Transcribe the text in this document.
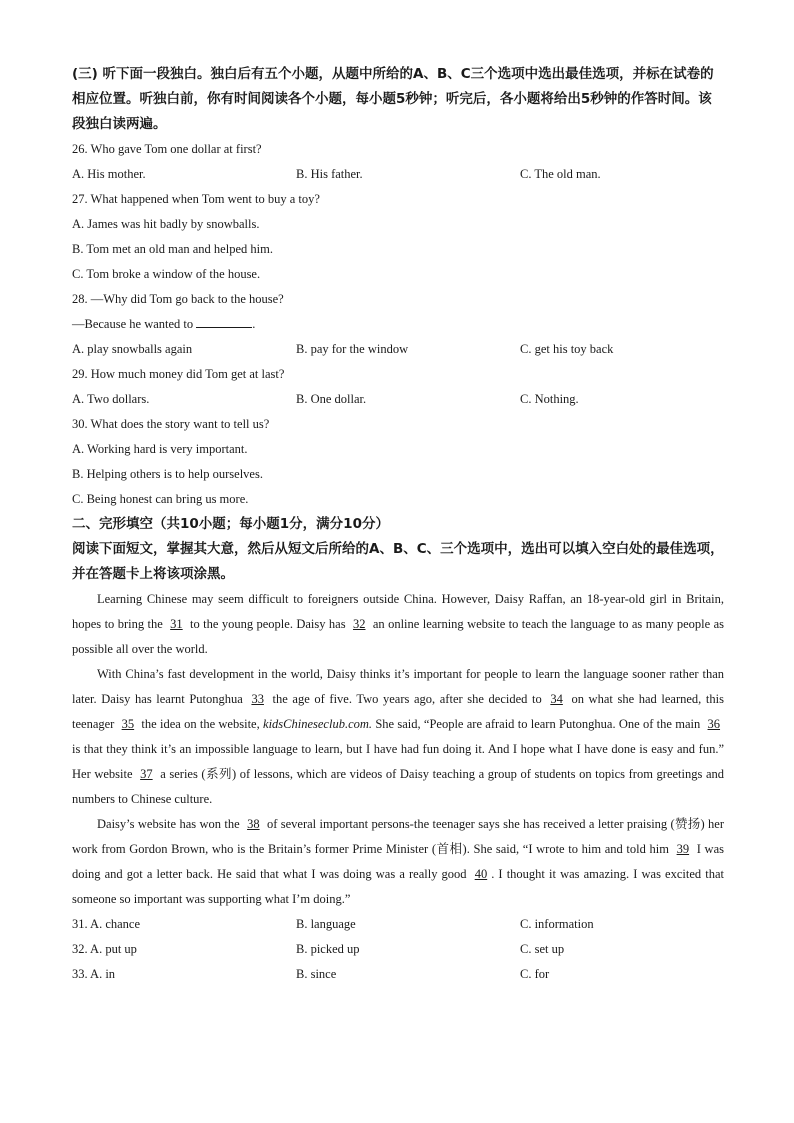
(三) 听下面一段独白。独白后有五个小题，从题中所给的A、B、C三个选项中选出最佳选项，并标在试卷的相应位置。听独白前，你有时间阅读各个小题，每小题5秒钟；听完后，各小题将给出5秒钟的作答时间。该段独白读两遍。
26. Who gave Tom one dollar at first?
A. His mother.	B. His father.	C. The old man.
27. What happened when Tom went to buy a toy?
A. James was hit badly by snowballs.
B. Tom met an old man and helped him.
C. Tom broke a window of the house.
28. —Why did Tom go back to the house?
—Because he wanted to	.
A. play snowballs again	B. pay for the window	C. get his toy back
29. How much money did Tom get at last?
A. Two dollars.	B. One dollar.	C. Nothing.
30. What does the story want to tell us?
A. Working hard is very important.
B. Helping others is to help ourselves.
C. Being honest can bring us more.
二、完形填空（共10小题；每小题1分，满分10分）
阅读下面短文，掌握其大意，然后从短文后所给的A、B、C、三个选项中，选出可以填入空白处的最佳选项，并在答题卡上将该项涂黑。
Learning Chinese may seem difficult to foreigners outside China. However, Daisy Raffan, an 18-year-old girl in Britain, hopes to bring the 31 to the young people. Daisy has 32 an online learning website to teach the language to as many people as possible all over the world.
With China’s fast development in the world, Daisy thinks it’s important for people to learn the language sooner rather than later. Daisy has learnt Putonghua 33 the age of five. Two years ago, after she decided to 34 on what she had learned, this teenager 35 the idea on the website, kidsChineseclub.com. She said, “People are afraid to learn Putonghua. One of the main 36 is that they think it’s an impossible language to learn, but I have had fun doing it. And I hope what I have done is easy and fun.” Her website 37 a series (系列) of lessons, which are videos of Daisy teaching a group of students on topics from greetings and numbers to Chinese culture.
Daisy’s website has won the 38 of several important persons-the teenager says she has received a letter praising (赞扬) her work from Gordon Brown, who is the Britain’s former Prime Minister (首相). She said, “I wrote to him and told him 39 I was doing and got a letter back. He said that what I was doing was a really good 40 . I thought it was amazing. I was excited that someone so important was supporting what I’m doing.”
31. A. chance	B. language	C. information
32. A. put up	B. picked up	C. set up
33. A. in	B. since	C. for
